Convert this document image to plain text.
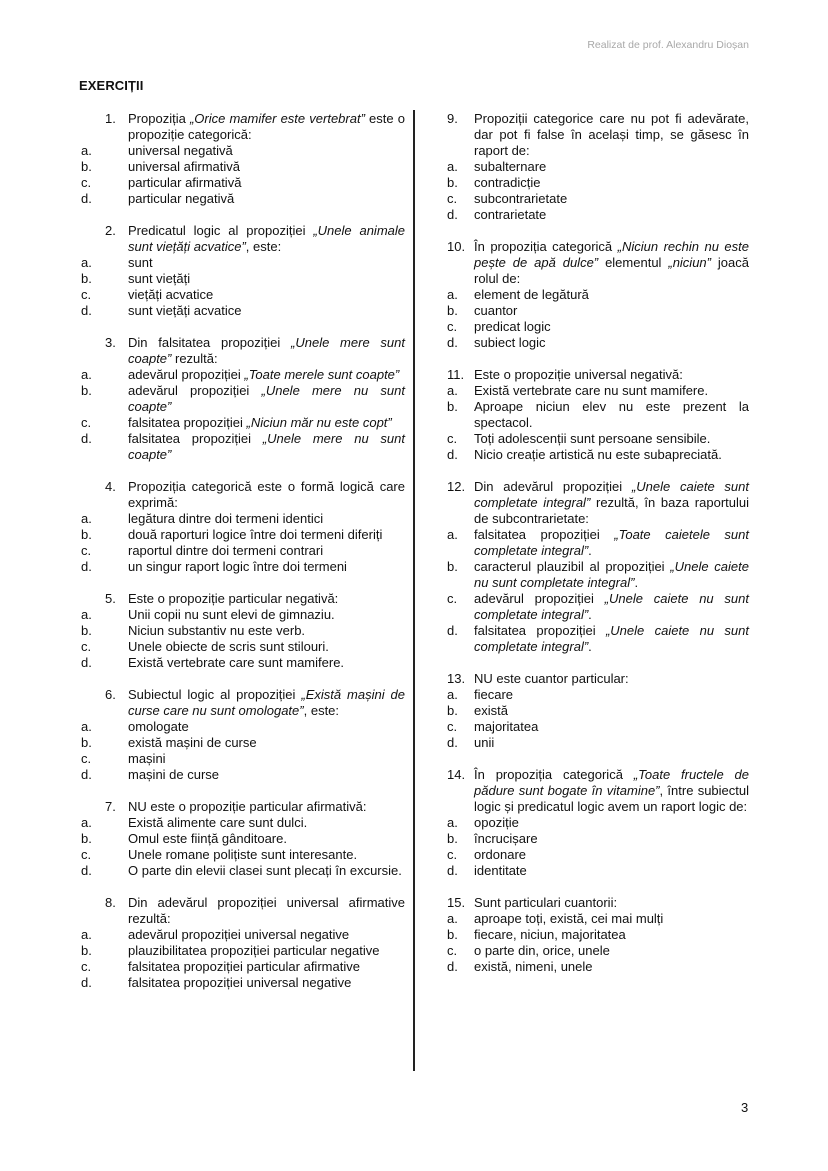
Realizat de prof. Alexandru Dioșan
EXERCIȚII
1. Propoziția „Orice mamifer este vertebrat” este o propoziție categorică:
a.	universal negativă
b.	universal afirmativă
c.	particular afirmativă
d.	particular negativă
2. Predicatul logic al propoziției „Unele animale sunt viețăți acvatice”, este:
a.	sunt
b.	sunt viețăți
c.	viețăți acvatice
d.	sunt viețăți acvatice
3. Din falsitatea propoziției „Unele mere sunt coapte” rezultă:
a.	adevărul propoziției „Toate merele sunt coapte”
b.	adevărul propoziției „Unele mere nu sunt coapte”
c.	falsitatea propoziției „Niciun măr nu este copt”
d.	falsitatea propoziției „Unele mere nu sunt coapte”
4. Propoziția categorică este o formă logică care exprimă:
a.	legătura dintre doi termeni identici
b.	două raporturi logice între doi termeni diferiți
c.	raportul dintre doi termeni contrari
d.	un singur raport logic între doi termeni
5. Este o propoziție particular negativă:
a.	Unii copii nu sunt elevi de gimnaziu.
b.	Niciun substantiv nu este verb.
c.	Unele obiecte de scris sunt stilouri.
d.	Există vertebrate care sunt mamifere.
6. Subiectul logic al propoziției „Există mașini de curse care nu sunt omologate”, este:
a.	omologate
b.	există mașini de curse
c.	mașini
d.	mașini de curse
7. NU este o propoziție particular afirmativă:
a.	Există alimente care sunt dulci.
b.	Omul este ființă gânditoare.
c.	Unele romane polițiste sunt interesante.
d.	O parte din elevii clasei sunt plecați în excursie.
8. Din adevărul propoziției universal afirmative rezultă:
a.	adevărul propoziției universal negative
b.	plauzibilitatea propoziției particular negative
c.	falsitatea propoziției particular afirmative
d.	falsitatea propoziției universal negative
9.	Propoziții categorice care nu pot fi adevărate, dar pot fi false în același timp, se găsesc în raport de:
a.	subalternare
b.	contradicție
c.	subcontrarietate
d.	contrarietate
10. În propoziția categorică „Niciun rechin nu este pește de apă dulce” elementul „niciun” joacă rolul de:
a.	element de legătură
b.	cuantor
c.	predicat logic
d.	subiect logic
11. Este o propoziție universal negativă:
a.	Există vertebrate care nu sunt mamifere.
b.	Aproape niciun elev nu este prezent la spectacol.
c.	Toți adolescenții sunt persoane sensibile.
d.	Nicio creație artistică nu este subapreciată.
12. Din adevărul propoziției „Unele caiete sunt completate integral” rezultă, în baza raportului de subcontrarietate:
a.	falsitatea propoziției „Toate caietele sunt completate integral”.
b.	caracterul plauzibil al propoziției „Unele caiete nu sunt completate integral”.
c.	adevărul propoziției „Unele caiete nu sunt completate integral”.
d.	falsitatea propoziției „Unele caiete nu sunt completate integral”.
13. NU este cuantor particular:
a.	fiecare
b.	există
c.	majoritatea
d.	unii
14. În propoziția categorică „Toate fructele de pădure sunt bogate în vitamine”, între subiectul logic și predicatul logic avem un raport logic de:
a.	opoziție
b.	încrucișare
c.	ordonare
d.	identitate
15. Sunt particulari cuantorii:
a.	aproape toți, există, cei mai mulți
b.	fiecare, niciun, majoritatea
c.	o parte din, orice, unele
d.	există, nimeni, unele
3
